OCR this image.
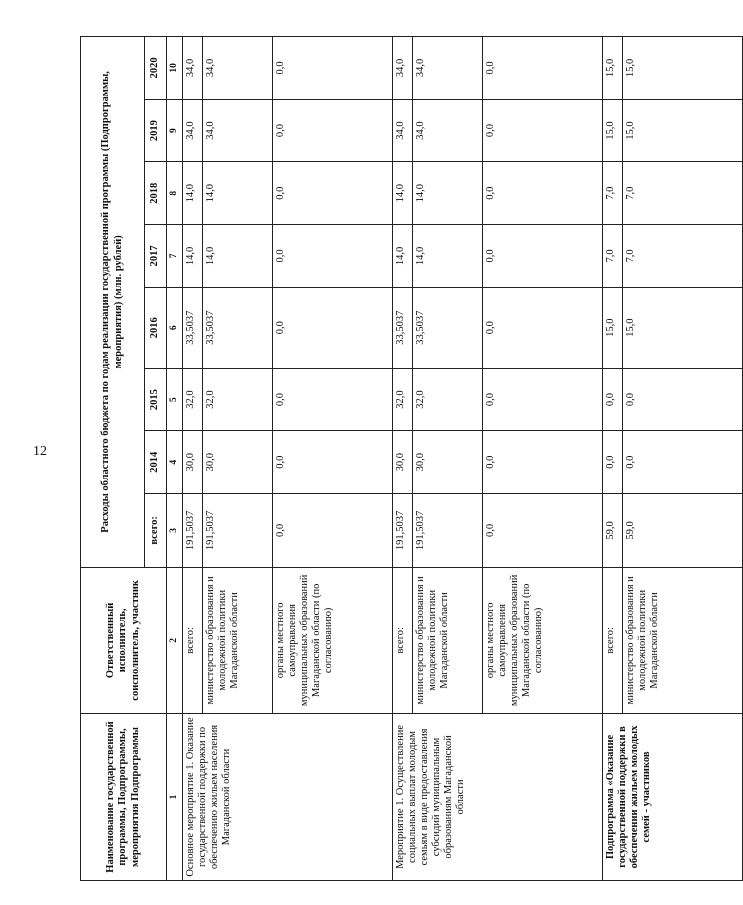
12
Наименование государственной программы, Подпрограммы, мероприятия Подпрограммы	Ответственный исполнитель, соисполнитель, участник	Расходы областного бюджета по годам реализации государственной программы (Подпрограммы, мероприятия) (млн. рублей)							
		всего:	2014	2015	2016	2017	2018	2019	2020
1	2	3	4	5	6	7	8	9	10
Основное мероприятие 1. Оказание государственной поддержки по обеспечению жильем населения Магаданской области	всего:	191,5037	30,0	32,0	33,5037	14,0	14,0	34,0	34,0
	министерство образования и молодежной политики Магаданской области	191,5037	30,0	32,0	33,5037	14,0	14,0	34,0	34,0
	органы местного самоуправления муниципальных образований Магаданской области (по согласованию)	0,0	0,0	0,0	0,0	0,0	0,0	0,0	0,0
Мероприятие 1. Осуществление социальных выплат молодым семьям в виде предоставления субсидий муниципальным образованиям Магаданской области	всего:	191,5037	30,0	32,0	33,5037	14,0	14,0	34,0	34,0
	министерство образования и молодежной политики Магаданской области	191,5037	30,0	32,0	33,5037	14,0	14,0	34,0	34,0
	органы местного самоуправления муниципальных образований Магаданской области (по согласованию)	0,0	0,0	0,0	0,0	0,0	0,0	0,0	0,0
Подпрограмма «Оказание государственной поддержки в обеспечении жильем молодых семей - участников	всего:	59,0	0,0	0,0	15,0	7,0	7,0	15,0	15,0
	министерство образования и молодежной политики Магаданской области	59,0	0,0	0,0	15,0	7,0	7,0	15,0	15,0
